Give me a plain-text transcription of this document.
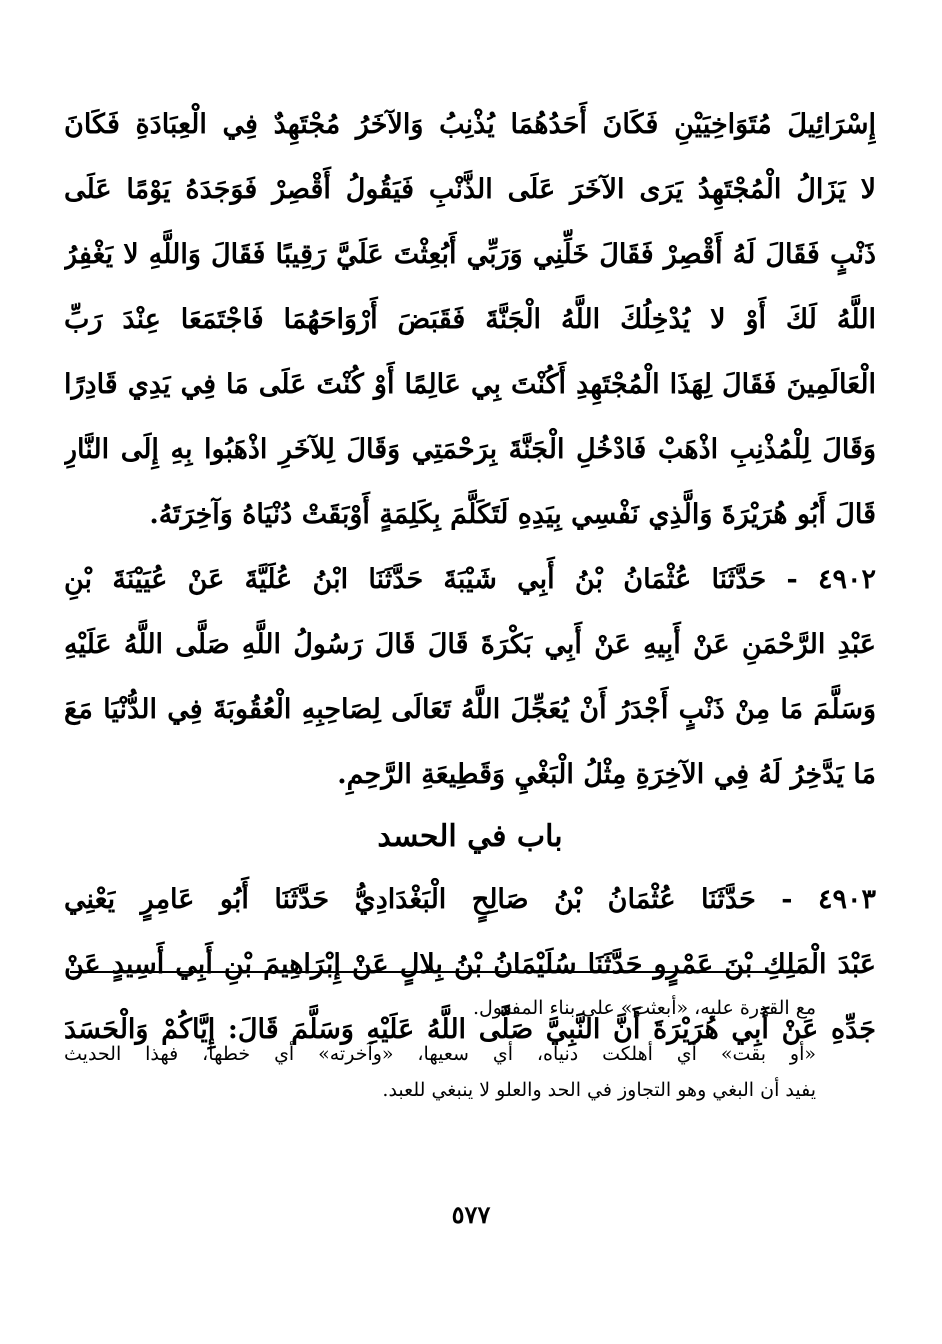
إِسْرَائِيلَ مُتَوَاخِيَيْنِ فَكَانَ أَحَدُهُمَا يُذْنِبُ وَالآخَرُ مُجْتَهِدٌ فِي الْعِبَادَةِ فَكَانَ
لا يَزَالُ الْمُجْتَهِدُ يَرَى الآخَرَ عَلَى الذَّنْبِ فَيَقُولُ أَقْصِرْ فَوَجَدَهُ يَوْمًا عَلَى
ذَنْبٍ فَقَالَ لَهُ أَقْصِرْ فَقَالَ خَلِّنِي وَرَبِّي أَبُعِثْتَ عَلَيَّ رَقِيبًا فَقَالَ وَاللَّهِ لا يَغْفِرُ
اللَّهُ لَكَ أَوْ لا يُدْخِلُكَ اللَّهُ الْجَنَّةَ فَقَبَضَ أَرْوَاحَهُمَا فَاجْتَمَعَا عِنْدَ رَبِّ
الْعَالَمِينَ فَقَالَ لِهَذَا الْمُجْتَهِدِ أَكُنْتَ بِي عَالِمًا أَوْ كُنْتَ عَلَى مَا فِي يَدِي قَادِرًا
وَقَالَ لِلْمُذْنِبِ اذْهَبْ فَادْخُلِ الْجَنَّةَ بِرَحْمَتِي وَقَالَ لِلآخَرِ اذْهَبُوا بِهِ إِلَى النَّارِ
قَالَ أَبُو هُرَيْرَةَ وَالَّذِي نَفْسِي بِيَدِهِ لَتَكَلَّمَ بِكَلِمَةٍ أَوْبَقَتْ دُنْيَاهُ وَآخِرَتَهُ.
٤٩٠٢ - حَدَّثَنَا عُثْمَانُ بْنُ أَبِي شَيْبَةَ حَدَّثَنَا ابْنُ عُلَيَّةَ عَنْ عُيَيْنَةَ بْنِ
عَبْدِ الرَّحْمَنِ عَنْ أَبِيهِ عَنْ أَبِي بَكْرَةَ قَالَ قَالَ رَسُولُ اللَّهِ صَلَّى اللَّهُ عَلَيْهِ
وَسَلَّمَ مَا مِنْ ذَنْبٍ أَجْدَرُ أَنْ يُعَجِّلَ اللَّهُ تَعَالَى لِصَاحِبِهِ الْعُقُوبَةَ فِي الدُّنْيَا مَعَ
مَا يَدَّخِرُ لَهُ فِي الآخِرَةِ مِثْلُ الْبَغْيِ وَقَطِيعَةِ الرَّحِمِ.
باب في الحسد
٤٩٠٣ - حَدَّثَنَا عُثْمَانُ بْنُ صَالِحٍ الْبَغْدَادِيُّ حَدَّثَنَا أَبُو عَامِرٍ يَعْنِي
عَبْدَ الْمَلِكِ بْنَ عَمْرٍو حَدَّثَنَا سُلَيْمَانُ بْنُ بِلالٍ عَنْ إِبْرَاهِيمَ بْنِ أَبِي أَسِيدٍ عَنْ
جَدِّهِ عَنْ أَبِي هُرَيْرَةَ أَنَّ النَّبِيَّ صَلَّى اللَّهُ عَلَيْهِ وَسَلَّمَ قَالَ: إِيَّاكُمْ وَالْحَسَدَ
مع القدرة عليه، «أبعثت» على بناء المفعول.
«أو بقت» أي أهلكت دنياه، أي سعيها، «وآخرته» أي خطها، فهذا الحديث
يفيد أن البغي وهو التجاوز في الحد والعلو لا ينبغي للعبد.
٥٧٧
